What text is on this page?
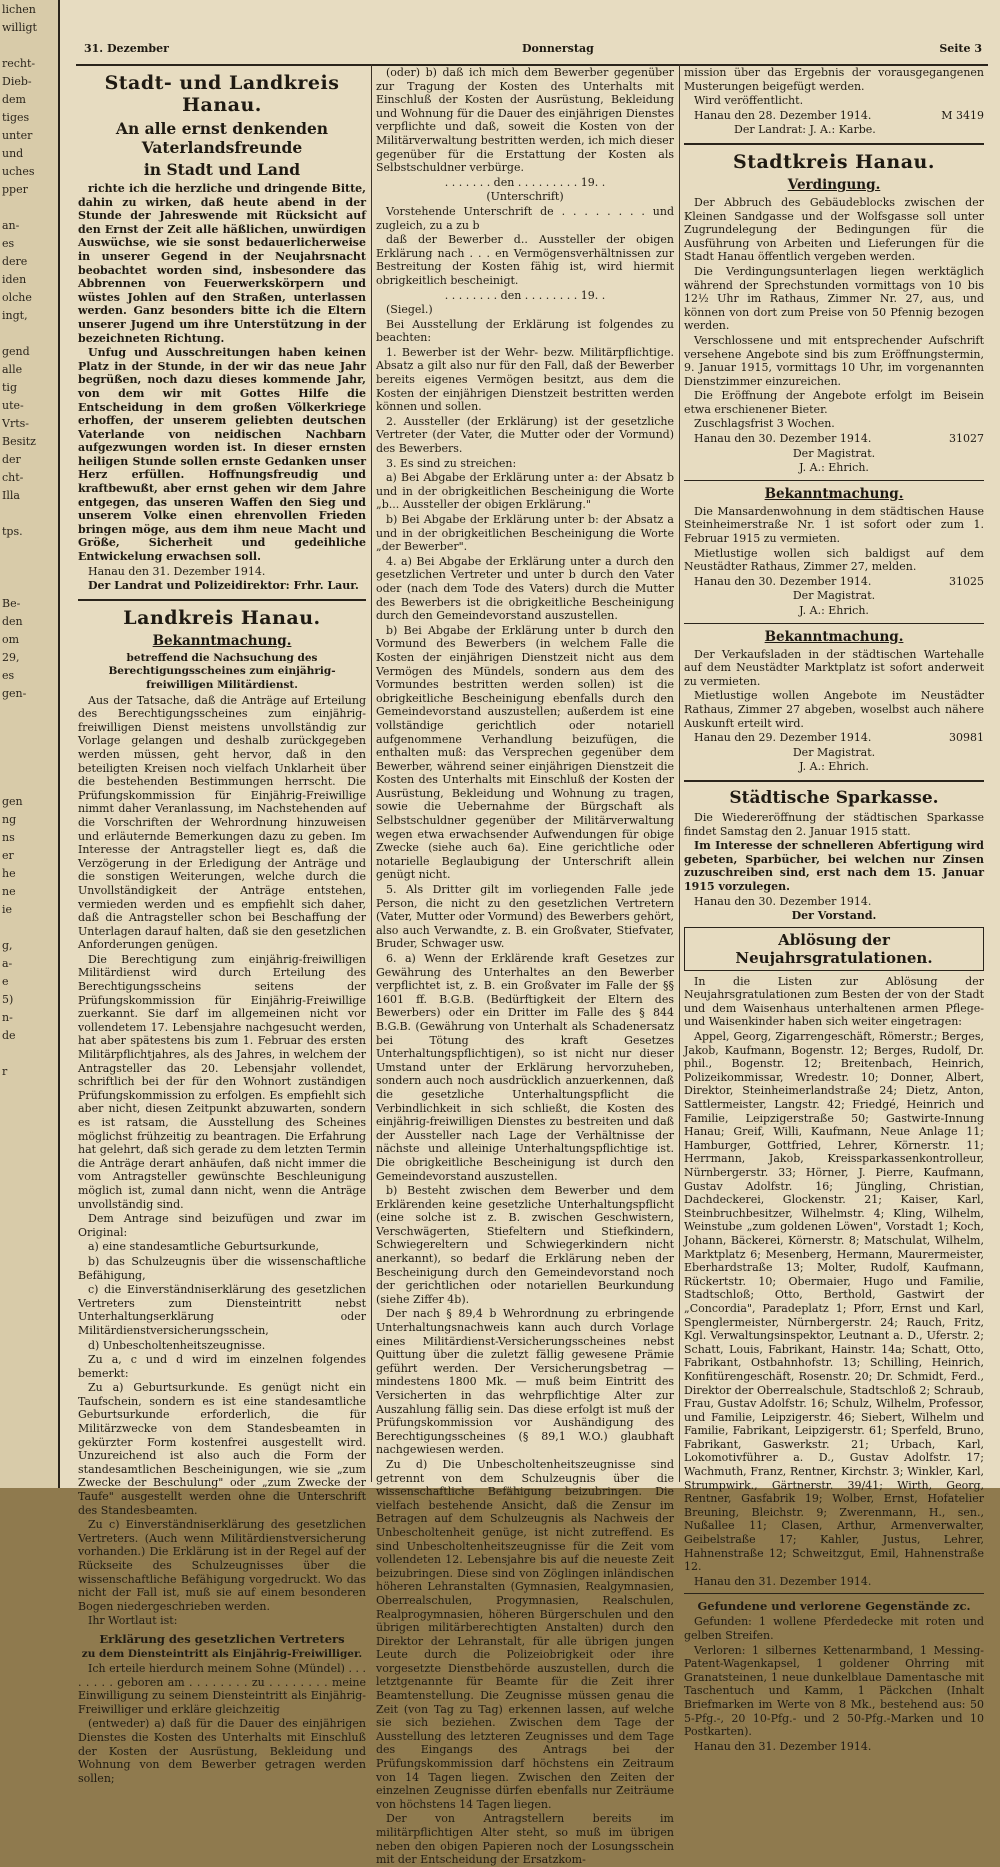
lichen
willigt

recht-
Dieb-
dem
tiges
unter
und
uches
pper

an-
es
dere
iden
olche
ingt,

gend
alle
tig
ute-
Vrts-
Besitz
der
cht-
Illa

tps.

Be-
den
om
29,
es
gen-

gen
ng
ns
er
he
ne
ie

g,
a-
e
5)
n-
de

r
31. Dezember	Donnerstag	Seite 3
Stadt- und Landkreis Hanau.
An alle ernst denkenden Vaterlandsfreunde
in Stadt und Land

richte ich die herzliche und dringende Bitte, dahin zu wirken, daß heute abend in der Stunde der Jahreswende mit Rücksicht auf den Ernst der Zeit alle häßlichen, unwürdigen Auswüchse, wie sie sonst bedauerlicherweise in unserer Gegend in der Neujahrsnacht beobachtet worden sind, insbesondere das Abbrennen von Feuerwerkskörpern und wüstes Johlen auf den Straßen, unterlassen werden. Ganz besonders bitte ich die Eltern unserer Jugend um ihre Unterstützung in der bezeichneten Richtung.

Unfug und Ausschreitungen haben keinen Platz in der Stunde, in der wir das neue Jahr begrüßen, noch dazu dieses kommende Jahr, von dem wir mit Gottes Hilfe die Entscheidung in dem großen Völkerkriege erhoffen, der unserem geliebten deutschen Vaterlande von neidischen Nachbarn aufgezwungen worden ist. In dieser ernsten heiligen Stunde sollen ernste Gedanken unser Herz erfüllen. Hoffnungsfreudig und kraftbewußt, aber ernst gehen wir dem Jahre entgegen, das unseren Waffen den Sieg und unserem Volke einen ehrenvollen Frieden bringen möge, aus dem ihm neue Macht und Größe, Sicherheit und gedeihliche Entwickelung erwachsen soll.

Hanau den 31. Dezember 1914.

Der Landrat und Polizeidirektor: Frhr. Laur.

Landkreis Hanau.
Bekanntmachung.

betreffend die Nachsuchung des Berechtigungsscheines zum einjährig-freiwilligen Militärdienst.

Aus der Tatsache, daß die Anträge auf Erteilung des Berechtigungsscheines zum einjährig-freiwilligen Dienst meistens unvollständig zur Vorlage gelangen und deshalb zurückgegeben werden müssen, geht hervor, daß in den beteiligten Kreisen noch vielfach Unklarheit über die bestehenden Bestimmungen herrscht. Die Prüfungskommission für Einjährig-Freiwillige nimmt daher Veranlassung, im Nachstehenden auf die Vorschriften der Wehrordnung hinzuweisen und erläuternde Bemerkungen dazu zu geben. Im Interesse der Antragsteller liegt es, daß die Verzögerung in der Erledigung der Anträge und die sonstigen Weiterungen, welche durch die Unvollständigkeit der Anträge entstehen, vermieden werden und es empfiehlt sich daher, daß die Antragsteller schon bei Beschaffung der Unterlagen darauf halten, daß sie den gesetzlichen Anforderungen genügen.

Die Berechtigung zum einjährig-freiwilligen Militärdienst wird durch Erteilung des Berechtigungsscheins seitens der Prüfungskommission für Einjährig-Freiwillige zuerkannt. Sie darf im allgemeinen nicht vor vollendetem 17. Lebensjahre nachgesucht werden, hat aber spätestens bis zum 1. Februar des ersten Militärpflichtjahres, als des Jahres, in welchem der Antragsteller das 20. Lebensjahr vollendet, schriftlich bei der für den Wohnort zuständigen Prüfungskommission zu erfolgen. Es empfiehlt sich aber nicht, diesen Zeitpunkt abzuwarten, sondern es ist ratsam, die Ausstellung des Scheines möglichst frühzeitig zu beantragen. Die Erfahrung hat gelehrt, daß sich gerade zu dem letzten Termin die Anträge derart anhäufen, daß nicht immer die vom Antragsteller gewünschte Beschleunigung möglich ist, zumal dann nicht, wenn die Anträge unvollständig sind.

Dem Antrage sind beizufügen und zwar im Original:

a) eine standesamtliche Geburtsurkunde,

b) das Schulzeugnis über die wissenschaftliche Befähigung,

c) die Einverständniserklärung des gesetzlichen Vertreters zum Diensteintritt nebst Unterhaltungserklärung oder Militärdienstversicherungsschein,

d) Unbescholtenheitszeugnisse.

Zu a, c und d wird im einzelnen folgendes bemerkt:

Zu a) Geburtsurkunde. Es genügt nicht ein Taufschein, sondern es ist eine standesamtliche Geburtsurkunde erforderlich, die für Militärzwecke von dem Standesbeamten in gekürzter Form kostenfrei ausgestellt wird. Unzureichend ist also auch die Form der standesamtlichen Bescheinigungen, wie sie „zum Zwecke der Beschulung" oder „zum Zwecke der Taufe" ausgestellt werden ohne die Unterschrift des Standesbeamten.

Zu c) Einverständniserklärung des gesetzlichen Vertreters. (Auch wenn Militärdienstversicherung vorhanden.) Die Erklärung ist in der Regel auf der Rückseite des Schulzeugnisses über die wissenschaftliche Befähigung vorgedruckt. Wo das nicht der Fall ist, muß sie auf einem besonderen Bogen niedergeschrieben werden.

Ihr Wortlaut ist:

Erklärung des gesetzlichen Vertreters
zu dem Diensteintritt als Einjährig-Freiwilliger.

Ich erteile hierdurch meinem Sohne (Mündel) . . . . . . . . geboren am . . . . . . . . zu . . . . . . . . meine Einwilligung zu seinem Diensteintritt als Einjährig-Freiwilliger und erkläre gleichzeitig

(entweder) a) daß für die Dauer des einjährigen Dienstes die Kosten des Unterhalts mit Einschluß der Kosten der Ausrüstung, Bekleidung und Wohnung von dem Bewerber getragen werden sollen;

(oder) b) daß ich mich dem Bewerber gegenüber zur Tragung der Kosten des Unterhalts mit Einschluß der Kosten der Ausrüstung, Bekleidung und Wohnung für die Dauer des einjährigen Dienstes verpflichte und daß, soweit die Kosten von der Militärverwaltung bestritten werden, ich mich dieser gegenüber für die Erstattung der Kosten als Selbstschuldner verbürge.

. . . . . . . den . . . . . . . . . 19. .

(Unterschrift)

Vorstehende Unterschrift de . . . . . . . . und zugleich, zu a zu b

daß der Bewerber d.. Aussteller der obigen Erklärung nach . . . en Vermögensverhältnissen zur Bestreitung der Kosten fähig ist, wird hiermit obrigkeitlich bescheinigt.

. . . . . . . . den . . . . . . . . 19. .

(Siegel.)

Bei Ausstellung der Erklärung ist folgendes zu beachten:

1. Bewerber ist der Wehr- bezw. Militärpflichtige. Absatz a gilt also nur für den Fall, daß der Bewerber bereits eigenes Vermögen besitzt, aus dem die Kosten der einjährigen Dienstzeit bestritten werden können und sollen.

2. Aussteller (der Erklärung) ist der gesetzliche Vertreter (der Vater, die Mutter oder der Vormund) des Bewerbers.

3. Es sind zu streichen:

a) Bei Abgabe der Erklärung unter a: der Absatz b und in der obrigkeitlichen Bescheinigung die Worte „b... Aussteller der obigen Erklärung."

b) Bei Abgabe der Erklärung unter b: der Absatz a und in der obrigkeitlichen Bescheinigung die Worte „der Bewerber".

4. a) Bei Abgabe der Erklärung unter a durch den gesetzlichen Vertreter und unter b durch den Vater oder (nach dem Tode des Vaters) durch die Mutter des Bewerbers ist die obrigkeitliche Bescheinigung durch den Gemeindevorstand auszustellen.

b) Bei Abgabe der Erklärung unter b durch den Vormund des Bewerbers (in welchem Falle die Kosten der einjährigen Dienstzeit nicht aus dem Vermögen des Mündels, sondern aus dem des Vormundes bestritten werden sollen) ist die obrigkeitliche Bescheinigung ebenfalls durch den Gemeindevorstand auszustellen; außerdem ist eine vollständige gerichtlich oder notariell aufgenommene Verhandlung beizufügen, die enthalten muß: das Versprechen gegenüber dem Bewerber, während seiner einjährigen Dienstzeit die Kosten des Unterhalts mit Einschluß der Kosten der Ausrüstung, Bekleidung und Wohnung zu tragen, sowie die Uebernahme der Bürgschaft als Selbstschuldner gegenüber der Militärverwaltung wegen etwa erwachsender Aufwendungen für obige Zwecke (siehe auch 6a). Eine gerichtliche oder notarielle Beglaubigung der Unterschrift allein genügt nicht.

5. Als Dritter gilt im vorliegenden Falle jede Person, die nicht zu den gesetzlichen Vertretern (Vater, Mutter oder Vormund) des Bewerbers gehört, also auch Verwandte, z. B. ein Großvater, Stiefvater, Bruder, Schwager usw.

6. a) Wenn der Erklärende kraft Gesetzes zur Gewährung des Unterhaltes an den Bewerber verpflichtet ist, z. B. ein Großvater im Falle der §§ 1601 ff. B.G.B. (Bedürftigkeit der Eltern des Bewerbers) oder ein Dritter im Falle des § 844 B.G.B. (Gewährung von Unterhalt als Schadenersatz bei Tötung des kraft Gesetzes Unterhaltungspflichtigen), so ist nicht nur dieser Umstand unter der Erklärung hervorzuheben, sondern auch noch ausdrücklich anzuerkennen, daß die gesetzliche Unterhaltungspflicht die Verbindlichkeit in sich schließt, die Kosten des einjährig-freiwilligen Dienstes zu bestreiten und daß der Aussteller nach Lage der Verhältnisse der nächste und alleinige Unterhaltungspflichtige ist. Die obrigkeitliche Bescheinigung ist durch den Gemeindevorstand auszustellen.

b) Besteht zwischen dem Bewerber und dem Erklärenden keine gesetzliche Unterhaltungspflicht (eine solche ist z. B. zwischen Geschwistern, Verschwägerten, Stiefeltern und Stiefkindern, Schwiegereltern und Schwiegerkindern nicht anerkannt), so bedarf die Erklärung neben der Bescheinigung durch den Gemeindevorstand noch der gerichtlichen oder notariellen Beurkundung (siehe Ziffer 4b).

Der nach § 89,4 b Wehrordnung zu erbringende Unterhaltungsnachweis kann auch durch Vorlage eines Militärdienst-Versicherungsscheines nebst Quittung über die zuletzt fällig gewesene Prämie geführt werden. Der Versicherungsbetrag — mindestens 1800 Mk. — muß beim Eintritt des Versicherten in das wehrpflichtige Alter zur Auszahlung fällig sein. Das diese erfolgt ist muß der Prüfungskommission vor Aushändigung des Berechtigungsscheines (§ 89,1 W.O.) glaubhaft nachgewiesen werden.

Zu d) Die Unbescholtenheitszeugnisse sind getrennt von dem Schulzeugnis über die wissenschaftliche Befähigung beizubringen. Die vielfach bestehende Ansicht, daß die Zensur im Betragen auf dem Schulzeugnis als Nachweis der Unbescholtenheit genüge, ist nicht zutreffend. Es sind Unbescholtenheitszeugnisse für die Zeit vom vollendeten 12. Lebensjahre bis auf die neueste Zeit beizubringen. Diese sind von Zöglingen inländischen höheren Lehranstalten (Gymnasien, Realgymnasien, Oberrealschulen, Progymnasien, Realschulen, Realprogymnasien, höheren Bürgerschulen und den übrigen militärberechtigten Anstalten) durch den Direktor der Lehranstalt, für alle übrigen jungen Leute durch die Polizeiobrigkeit oder ihre vorgesetzte Dienstbehörde auszustellen, durch die letztgenannte für Beamte für die Zeit ihrer Beamtenstellung. Die Zeugnisse müssen genau die Zeit (von Tag zu Tag) erkennen lassen, auf welche sie sich beziehen. Zwischen dem Tage der Ausstellung des letzteren Zeugnisses und dem Tage des Eingangs des Antrags bei der Prüfungskommission darf höchstens ein Zeitraum von 14 Tagen liegen. Zwischen den Zeiten der einzelnen Zeugnisse dürfen ebenfalls nur Zeiträume von höchstens 14 Tagen liegen.

Der von Antragstellern bereits im militärpflichtigen Alter steht, so muß im übrigen neben den obigen Papieren noch der Losungsschein mit der Entscheidung der Ersatzkom-

mission über das Ergebnis der vorausgegangenen Musterungen beigefügt werden.

Wird veröffentlicht.

Hanau den 28. Dezember 1914.	M 3419

Der Landrat: J. A.: Karbe.

Stadtkreis Hanau.
Verdingung.

Der Abbruch des Gebäudeblocks zwischen der Kleinen Sandgasse und der Wolfsgasse soll unter Zugrundelegung der Bedingungen für die Ausführung von Arbeiten und Lieferungen für die Stadt Hanau öffentlich vergeben werden.

Die Verdingungsunterlagen liegen werktäglich während der Sprechstunden vormittags von 10 bis 12½ Uhr im Rathaus, Zimmer Nr. 27, aus, und können von dort zum Preise von 50 Pfennig bezogen werden.

Verschlossene und mit entsprechender Aufschrift versehene Angebote sind bis zum Eröffnungstermin, 9. Januar 1915, vormittags 10 Uhr, im vorgenannten Dienstzimmer einzureichen.

Die Eröffnung der Angebote erfolgt im Beisein etwa erschienener Bieter.

Zuschlagsfrist 3 Wochen.

Hanau den 30. Dezember 1914.	31027

Der Magistrat.

J. A.: Ehrich.

Bekanntmachung.

Die Mansardenwohnung in dem städtischen Hause Steinheimerstraße Nr. 1 ist sofort oder zum 1. Februar 1915 zu vermieten.

Mietlustige wollen sich baldigst auf dem Neustädter Rathaus, Zimmer 27, melden.

Hanau den 30. Dezember 1914.	31025

Der Magistrat.

J. A.: Ehrich.

Bekanntmachung.

Der Verkaufsladen in der städtischen Wartehalle auf dem Neustädter Marktplatz ist sofort anderweit zu vermieten.

Mietlustige wollen Angebote im Neustädter Rathaus, Zimmer 27 abgeben, woselbst auch nähere Auskunft erteilt wird.

Hanau den 29. Dezember 1914.	30981

Der Magistrat.

J. A.: Ehrich.

Städtische Sparkasse.

Die Wiedereröffnung der städtischen Sparkasse findet Samstag den 2. Januar 1915 statt.

Im Interesse der schnelleren Abfertigung wird gebeten, Sparbücher, bei welchen nur Zinsen zuzuschreiben sind, erst nach dem 15. Januar 1915 vorzulegen.

Hanau den 30. Dezember 1914.

Der Vorstand.

Ablösung der Neujahrsgratulationen.

In die Listen zur Ablösung der Neujahrsgratulationen zum Besten der von der Stadt und dem Waisenhaus unterhaltenen armen Pflege- und Waisenkinder haben sich weiter eingetragen:

Appel, Georg, Zigarrengeschäft, Römerstr.; Berges, Jakob, Kaufmann, Bogenstr. 12; Berges, Rudolf, Dr. phil., Bogenstr. 12; Breitenbach, Heinrich, Polizeikommissar, Wredestr. 10; Donner, Albert, Direktor, Steinheimerlandstraße 24; Dietz, Anton, Sattlermeister, Langstr. 42; Friedgé, Heinrich und Familie, Leipzigerstraße 50; Gastwirte-Innung Hanau; Greif, Willi, Kaufmann, Neue Anlage 11; Hamburger, Gottfried, Lehrer, Körnerstr. 11; Herrmann, Jakob, Kreissparkassenkontrolleur, Nürnbergerstr. 33; Hörner, J. Pierre, Kaufmann, Gustav Adolfstr. 16; Jüngling, Christian, Dachdeckerei, Glockenstr. 21; Kaiser, Karl, Steinbruchbesitzer, Wilhelmstr. 4; Kling, Wilhelm, Weinstube „zum goldenen Löwen", Vorstadt 1; Koch, Johann, Bäckerei, Körnerstr. 8; Matschulat, Wilhelm, Marktplatz 6; Mesenberg, Hermann, Maurermeister, Eberhardstraße 13; Molter, Rudolf, Kaufmann, Rückertstr. 10; Obermaier, Hugo und Familie, Stadtschloß; Otto, Berthold, Gastwirt der „Concordia", Paradeplatz 1; Pforr, Ernst und Karl, Spenglermeister, Nürnbergerstr. 24; Rauch, Fritz, Kgl. Verwaltungsinspektor, Leutnant a. D., Uferstr. 2; Schatt, Louis, Fabrikant, Hainstr. 14a; Schatt, Otto, Fabrikant, Ostbahnhofstr. 13; Schilling, Heinrich, Konfitürengeschäft, Rosenstr. 20; Dr. Schmidt, Ferd., Direktor der Oberrealschule, Stadtschloß 2; Schraub, Frau, Gustav Adolfstr. 16; Schulz, Wilhelm, Professor, und Familie, Leipzigerstr. 46; Siebert, Wilhelm und Familie, Fabrikant, Leipzigerstr. 61; Sperfeld, Bruno, Fabrikant, Gaswerkstr. 21; Urbach, Karl, Lokomotivführer a. D., Gustav Adolfstr. 17; Wachmuth, Franz, Rentner, Kirchstr. 3; Winkler, Karl, Strumpwirk., Gärtnerstr. 39/41; Wirth, Georg, Rentner, Gasfabrik 19; Wolber, Ernst, Hofatelier Breuning, Bleichstr. 9; Zwerenmann, H., sen., Nußallee 11; Clasen, Arthur, Armenverwalter, Geibelstraße 17; Kahler, Justus, Lehrer, Hahnenstraße 12; Schweitzgut, Emil, Hahnenstraße 12.

Hanau den 31. Dezember 1914.

Gefundene und verlorene Gegenstände zc.

Gefunden: 1 wollene Pferdedecke mit roten und gelben Streifen.

Verloren: 1 silbernes Kettenarmband, 1 Messing-Patent-Wagenkapsel, 1 goldener Ohrring mit Granatsteinen, 1 neue dunkelblaue Damentasche mit Taschentuch und Kamm, 1 Päckchen (Inhalt Briefmarken im Werte von 8 Mk., bestehend aus: 50 5-Pfg.-, 20 10-Pfg.- und 2 50-Pfg.-Marken und 10 Postkarten).

Hanau den 31. Dezember 1914.
